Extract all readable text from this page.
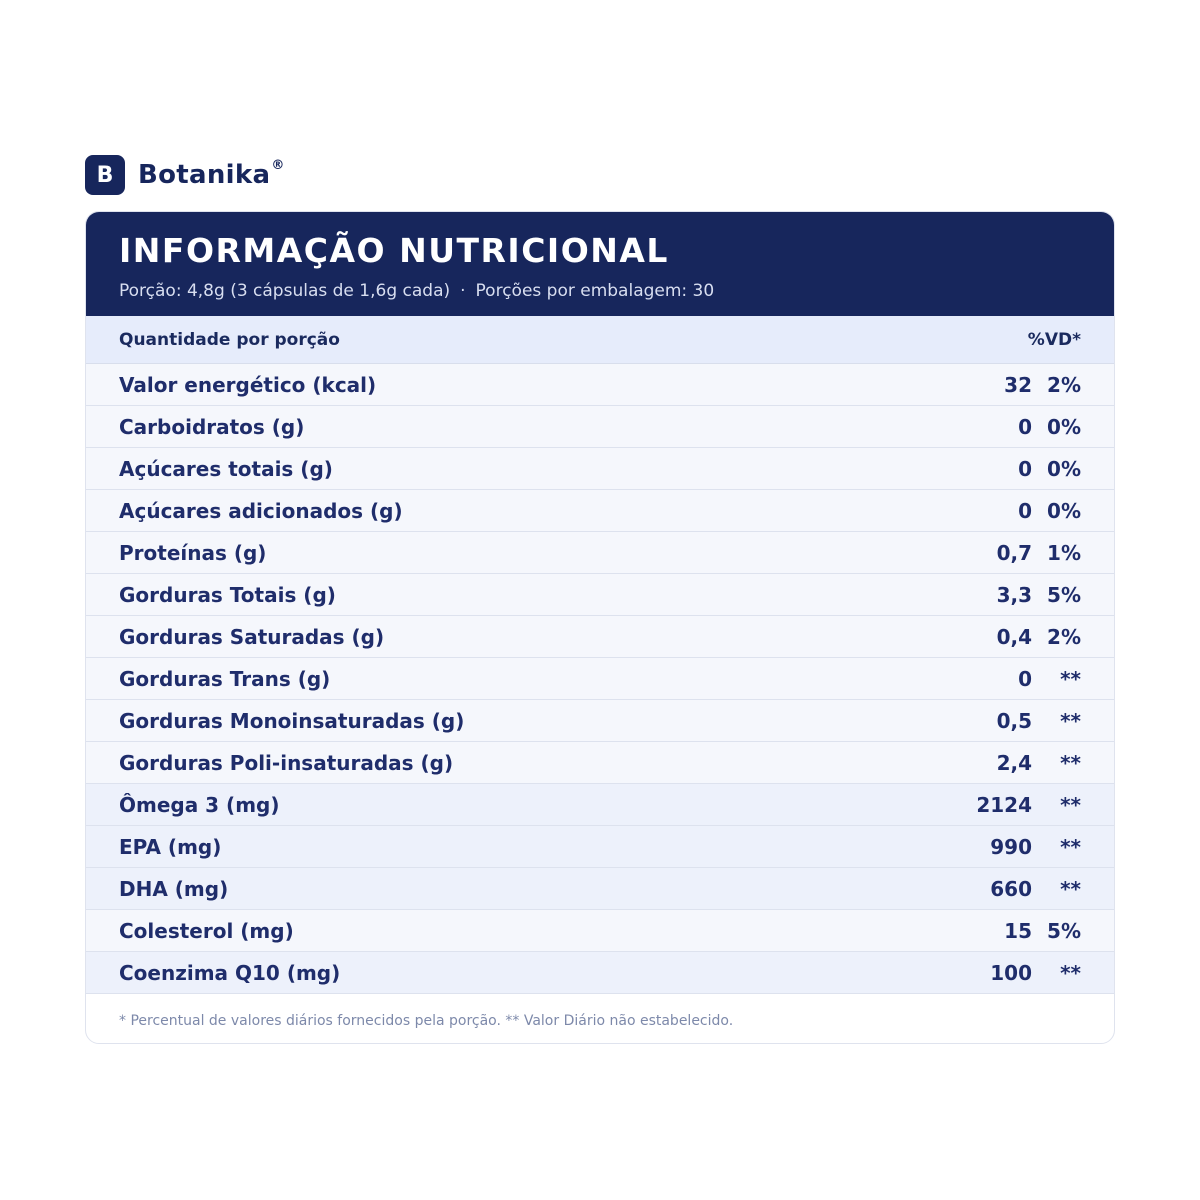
B Botanika ®
INFORMAÇÃO NUTRICIONAL
Porção: 4,8g (3 cápsulas de 1,6g cada) · Porções por embalagem: 30
Quantidade por porção	%VD*
Valor energético (kcal)	32 2%
Carboidratos (g)	0 0%
Açúcares totais (g)	0 0%
Açúcares adicionados (g)	0 0%
Proteínas (g)	0,7 1%
Gorduras Totais (g)	3,3 5%
Gorduras Saturadas (g)	0,4 2%
Gorduras Trans (g)	0	**
Gorduras Monoinsaturadas (g)	0,5	**
Gorduras Poli-insaturadas (g)	2,4	**
Ômega 3 (mg)	2124	**
EPA (mg)	990	**
DHA (mg)	660	**
Colesterol (mg)	15 5%
Coenzima Q10 (mg)	100	**
* Percentual de valores diários fornecidos pela porção. ** Valor Diário não estabelecido.
